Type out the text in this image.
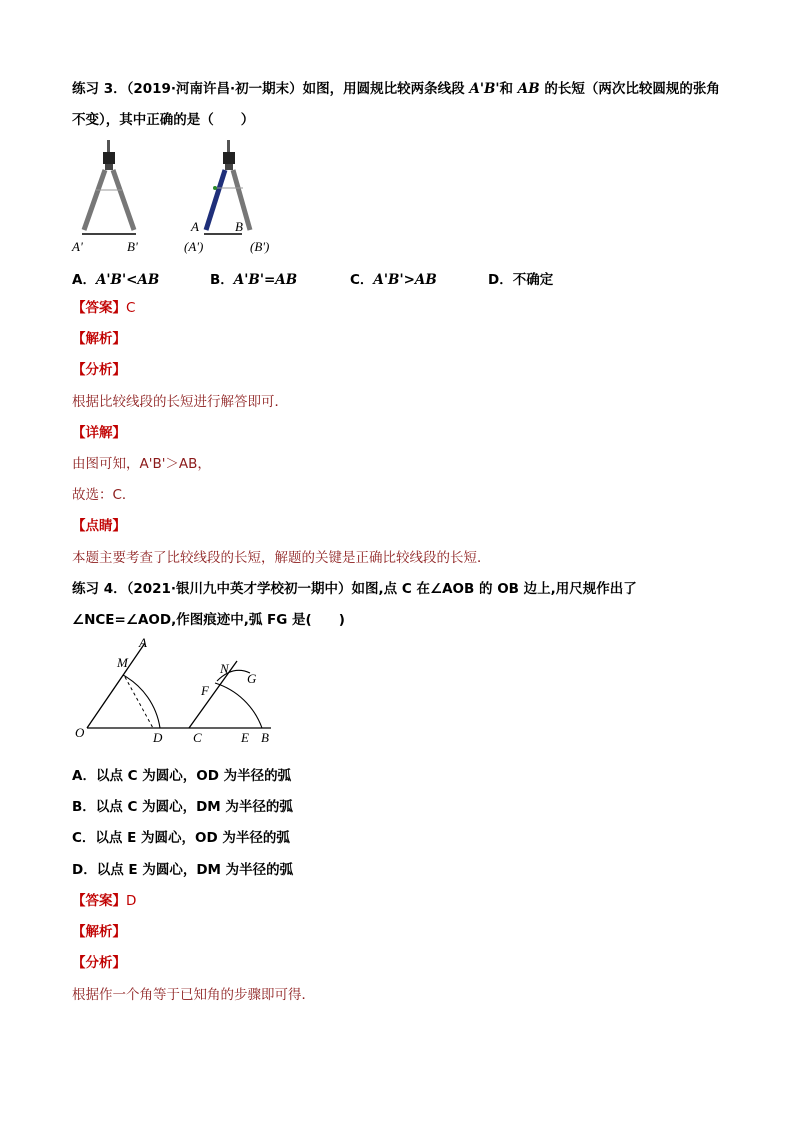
练习 3．（2019·河南许昌·初一期末）如图，用圆规比较两条线段 A'B'和 AB 的长短（两次比较圆规的张角
不变），其中正确的是（　　）
A'	B'
A	B
(A')	(B')
A．A'B'<AB	B．A'B'=AB	C．A'B'>AB	D．不确定
【答案】C
【解析】
【分析】
根据比较线段的长短进行解答即可．
【详解】
由图可知，A'B'＞AB，
故选：C．
【点睛】
本题主要考查了比较线段的长短，解题的关键是正确比较线段的长短．
练习 4．（2021·银川九中英才学校初一期中）如图,点 C 在∠AOB 的 OB 边上,用尺规作出了
∠NCE=∠AOD,作图痕迹中,弧 FG 是(　　)
A
M
O	D C
N
G
F
E B
A．以点 C 为圆心，OD 为半径的弧
B．以点 C 为圆心，DM 为半径的弧
C．以点 E 为圆心，OD 为半径的弧
D．以点 E 为圆心，DM 为半径的弧
【答案】D
【解析】
【分析】
根据作一个角等于已知角的步骤即可得．
